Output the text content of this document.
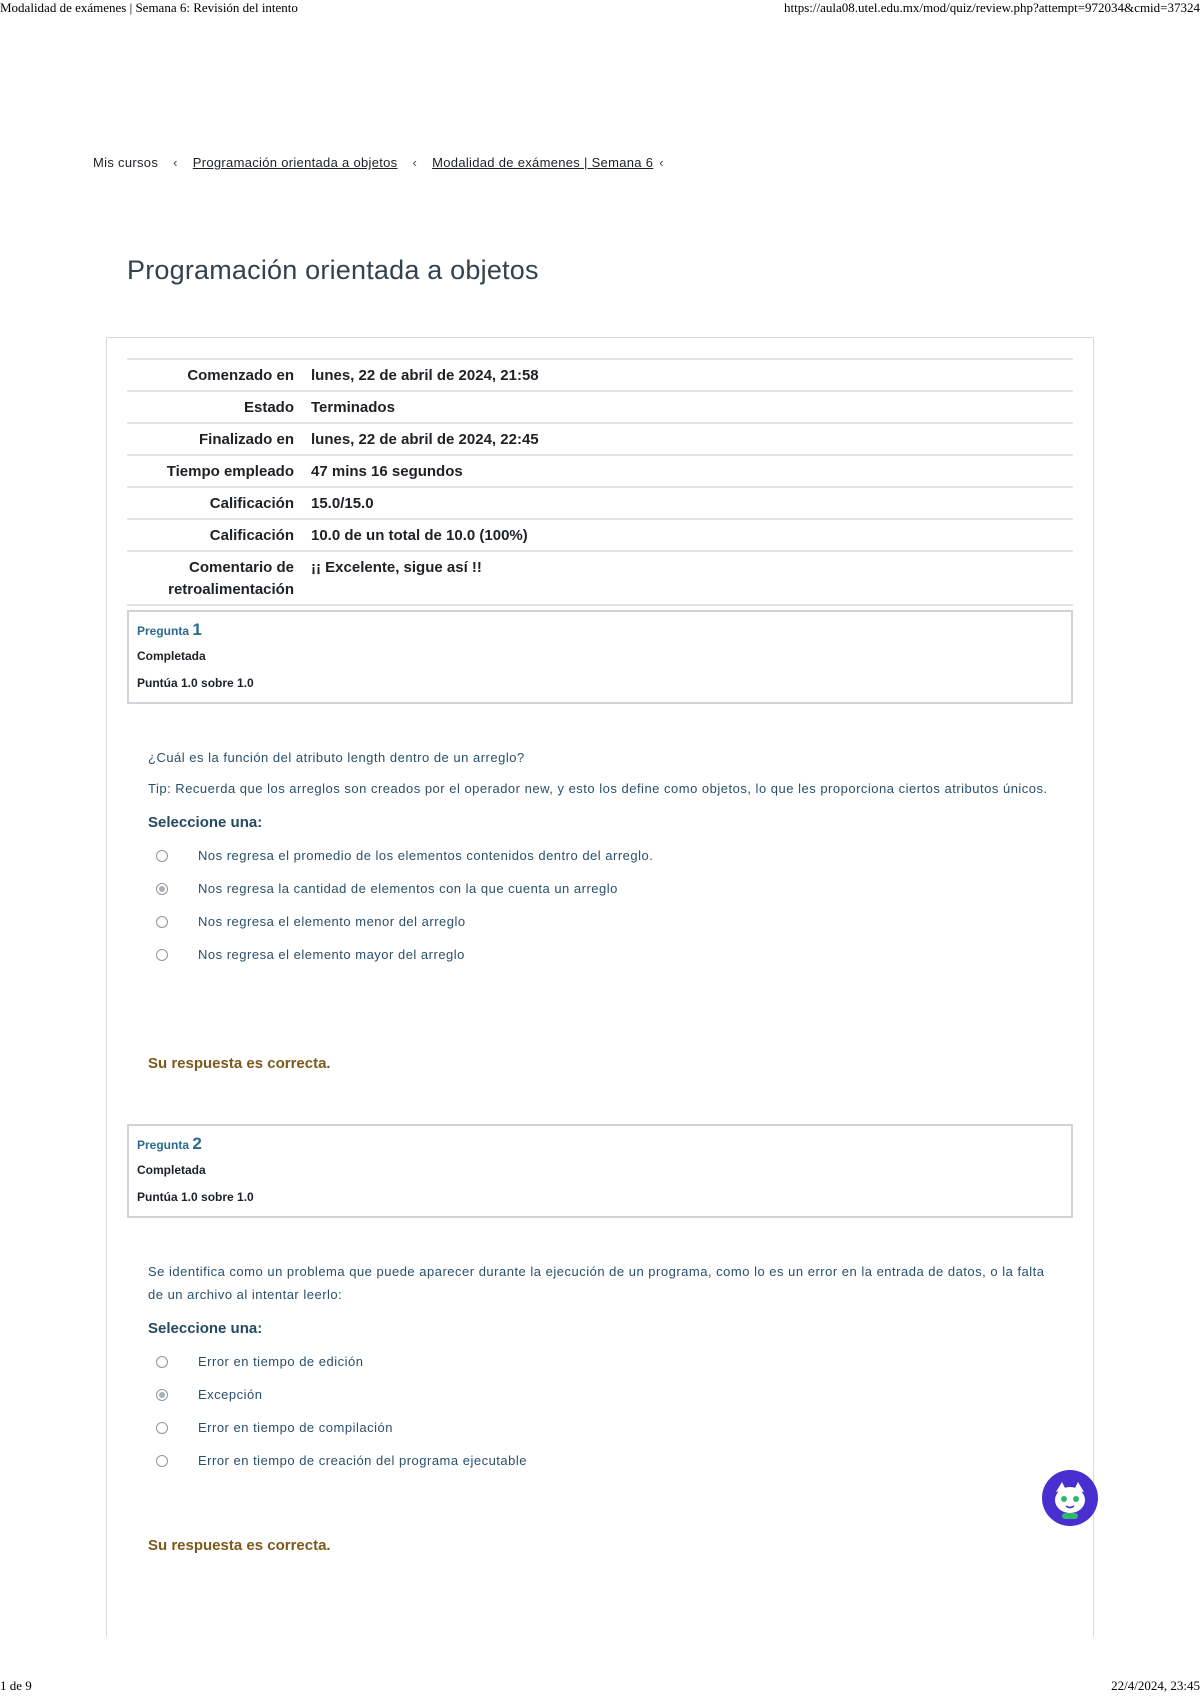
Modalidad de exámenes | Semana 6: Revisión del intento	https://aula08.utel.edu.mx/mod/quiz/review.php?attempt=972034&cmid=37324
Mis cursos ‹ Programación orientada a objetos ‹ Modalidad de exámenes | Semana 6 ‹
Programación orientada a objetos
Comenzado en	lunes, 22 de abril de 2024, 21:58
Estado	Terminados
Finalizado en	lunes, 22 de abril de 2024, 22:45
Tiempo empleado	47 mins 16 segundos
Calificación	15.0/15.0
Calificación	10.0 de un total de 10.0 (100%)
Comentario de retroalimentación	¡¡ Excelente, sigue así !!
Pregunta 1
Completada
Puntúa 1.0 sobre 1.0

¿Cuál es la función del atributo length dentro de un arreglo?

Tip: Recuerda que los arreglos son creados por el operador new, y esto los define como objetos, lo que les proporciona ciertos atributos únicos.

Seleccione una:
Nos regresa el promedio de los elementos contenidos dentro del arreglo.
Nos regresa la cantidad de elementos con la que cuenta un arreglo
Nos regresa el elemento menor del arreglo
Nos regresa el elemento mayor del arreglo
Su respuesta es correcta.
Pregunta 2
Completada
Puntúa 1.0 sobre 1.0

Se identifica como un problema que puede aparecer durante la ejecución de un programa, como lo es un error en la entrada de datos, o la falta de un archivo al intentar leerlo:

Seleccione una:
Error en tiempo de edición
Excepción
Error en tiempo de compilación
Error en tiempo de creación del programa ejecutable
Su respuesta es correcta.
1 de 9	22/4/2024, 23:45
